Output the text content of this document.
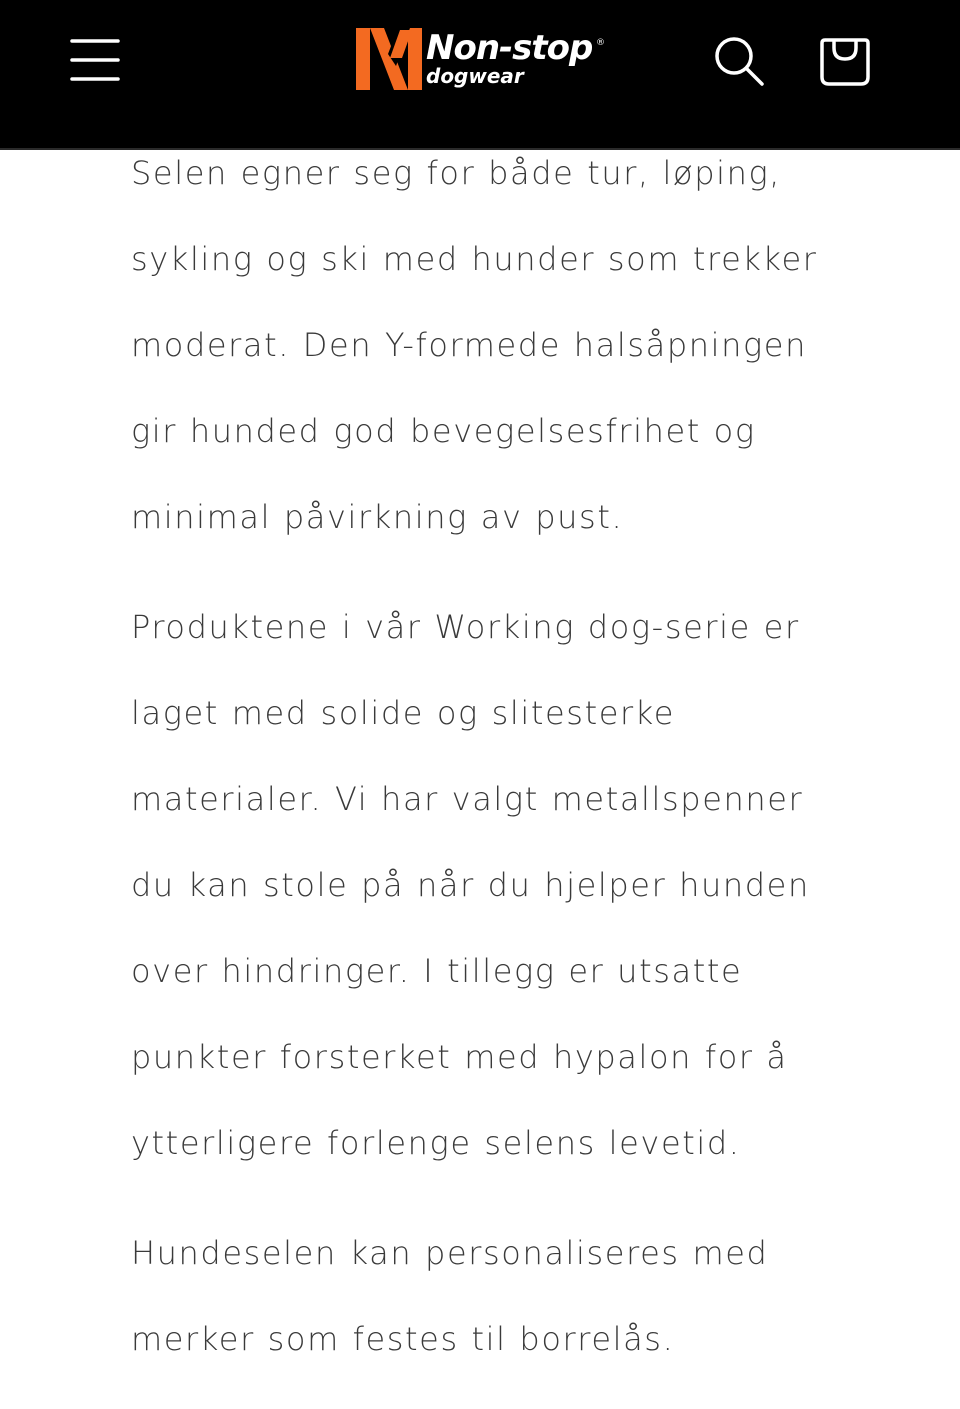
Non-stop ®
dogwear

Selen egner seg for både tur, løping, sykling og ski med hunder som trekker moderat. Den Y-formede halsåpningen gir hunded god bevegelsesfrihet og minimal påvirkning av pust.

Produktene i vår Working dog-serie er laget med solide og slitesterke materialer. Vi har valgt metallspenner du kan stole på når du hjelper hunden over hindringer. I tillegg er utsatte punkter forsterket med hypalon for å ytterligere forlenge selens levetid.

Hundeselen kan personaliseres med merker som festes til borrelås.
